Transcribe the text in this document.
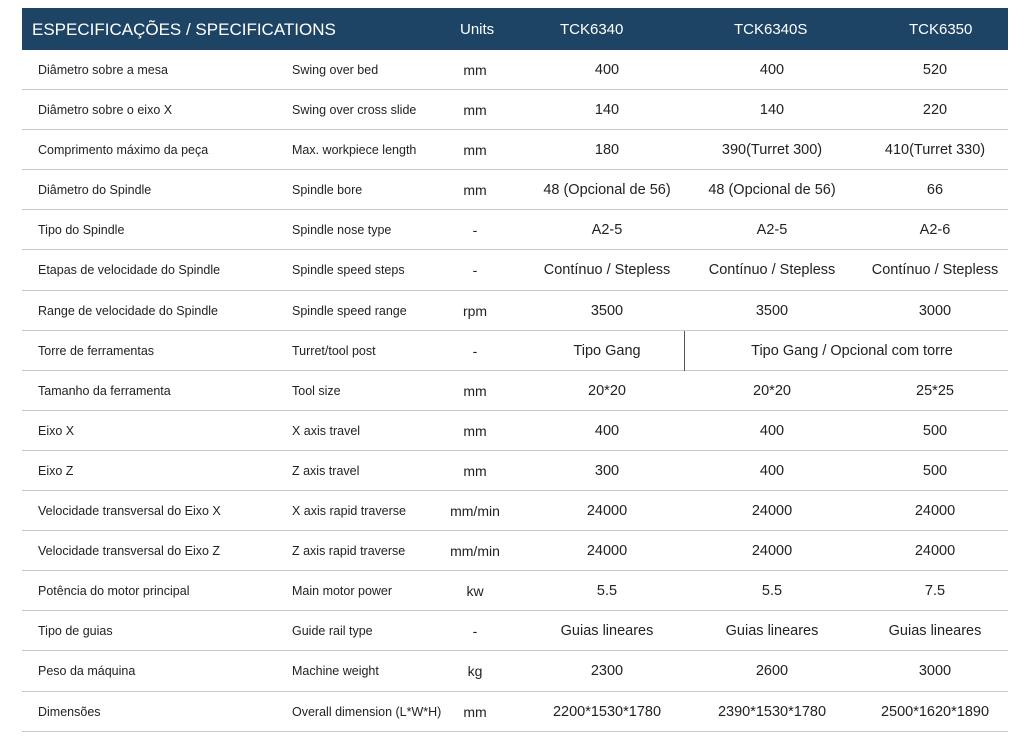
ESPECIFICAÇÕES / SPECIFICATIONS	Units	TCK6340	TCK6340S	TCK6350
Diâmetro sobre a mesa	Swing over bed	mm	400	400	520
Diâmetro sobre o eixo X	Swing over cross slide	mm	140	140	220
Comprimento máximo da peça	Max. workpiece length	mm	180	390(Turret 300)	410(Turret 330)
Diâmetro do Spindle	Spindle bore	mm	48 (Opcional de 56)	48 (Opcional de 56)	66
Tipo do Spindle	Spindle nose type	-	A2-5	A2-5	A2-6
Etapas de velocidade do Spindle	Spindle speed steps	-	Contínuo / Stepless	Contínuo / Stepless	Contínuo / Stepless
Range de velocidade do Spindle	Spindle speed range	rpm	3500	3500	3000
Torre de ferramentas	Turret/tool post	-	Tipo Gang	Tipo Gang / Opcional com torre
Tamanho da ferramenta	Tool size	mm	20*20	20*20	25*25
Eixo X	X axis travel	mm	400	400	500
Eixo Z	Z axis travel	mm	300	400	500
Velocidade transversal do Eixo X	X axis rapid traverse	mm/min	24000	24000	24000
Velocidade transversal do Eixo Z	Z axis rapid traverse	mm/min	24000	24000	24000
Potência do motor principal	Main motor power	kw	5.5	5.5	7.5
Tipo de guias	Guide rail type	-	Guias lineares	Guias lineares	Guias lineares
Peso da máquina	Machine weight	kg	2300	2600	3000
Dimensões	Overall dimension (L*W*H)	mm	2200*1530*1780	2390*1530*1780	2500*1620*1890
